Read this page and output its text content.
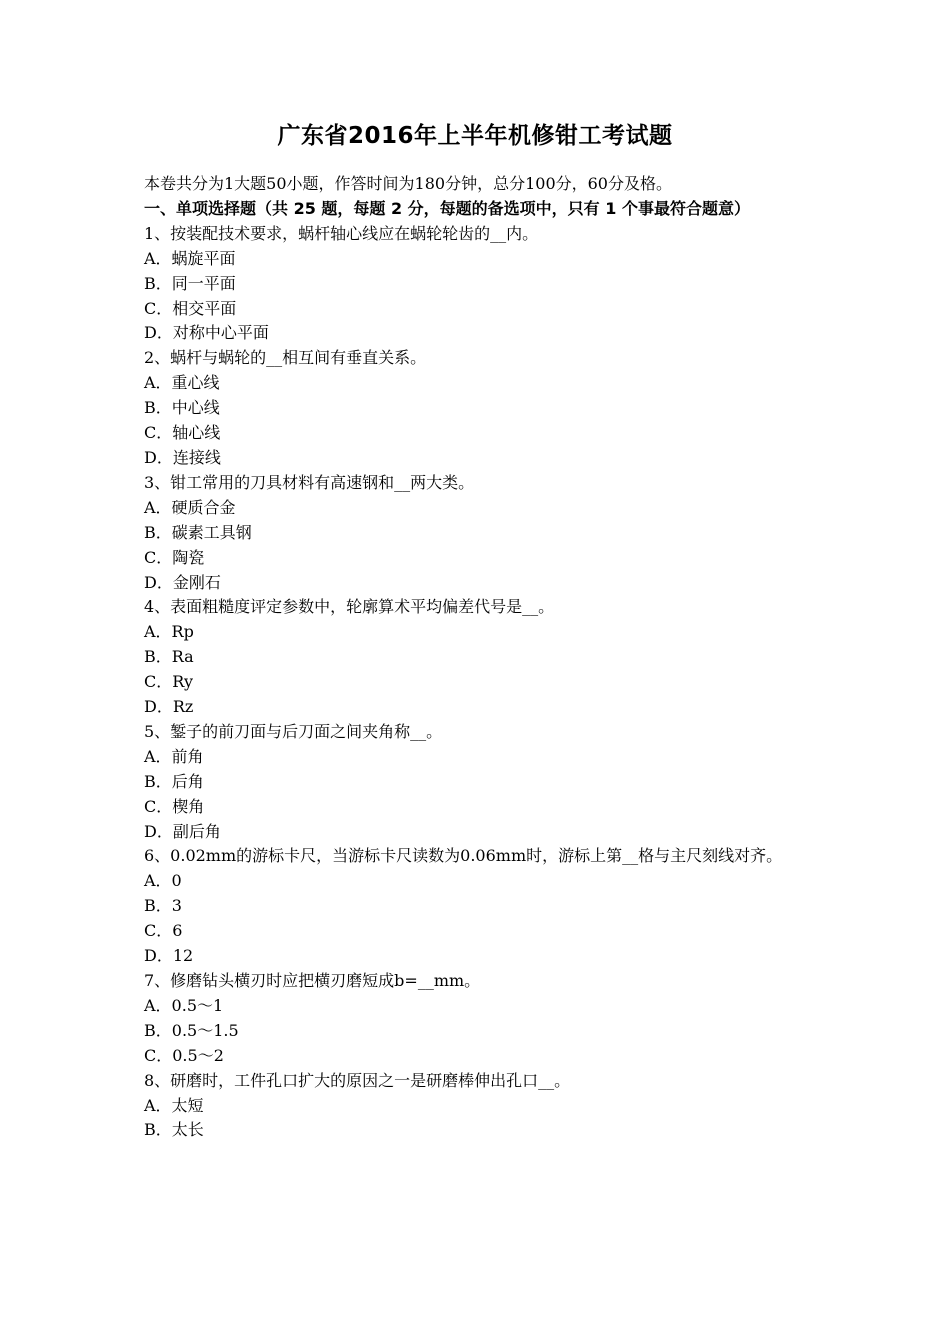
广东省2016年上半年机修钳工考试题

本卷共分为1大题50小题，作答时间为180分钟，总分100分，60分及格。

一、单项选择题（共 25 题，每题 2 分，每题的备选项中，只有 1 个事最符合题意）

1、按装配技术要求，蜗杆轴心线应在蜗轮轮齿的__内。

A．蜗旋平面

B．同一平面

C．相交平面

D．对称中心平面

2、蜗杆与蜗轮的__相互间有垂直关系。

A．重心线

B．中心线

C．轴心线

D．连接线

3、钳工常用的刀具材料有高速钢和__两大类。

A．硬质合金

B．碳素工具钢

C．陶瓷

D．金刚石

4、表面粗糙度评定参数中，轮廓算术平均偏差代号是__。

A．Rp

B．Ra

C．Ry

D．Rz

5、錾子的前刀面与后刀面之间夹角称__。

A．前角

B．后角

C．楔角

D．副后角

6、0.02mm的游标卡尺，当游标卡尺读数为0.06mm时，游标上第__格与主尺刻线对齐。

A．0

B．3

C．6

D．12

7、修磨钻头横刃时应把横刃磨短成b=__mm。

A．0.5～1

B．0.5～1.5

C．0.5～2

8、研磨时，工件孔口扩大的原因之一是研磨棒伸出孔口__。

A．太短

B．太长
